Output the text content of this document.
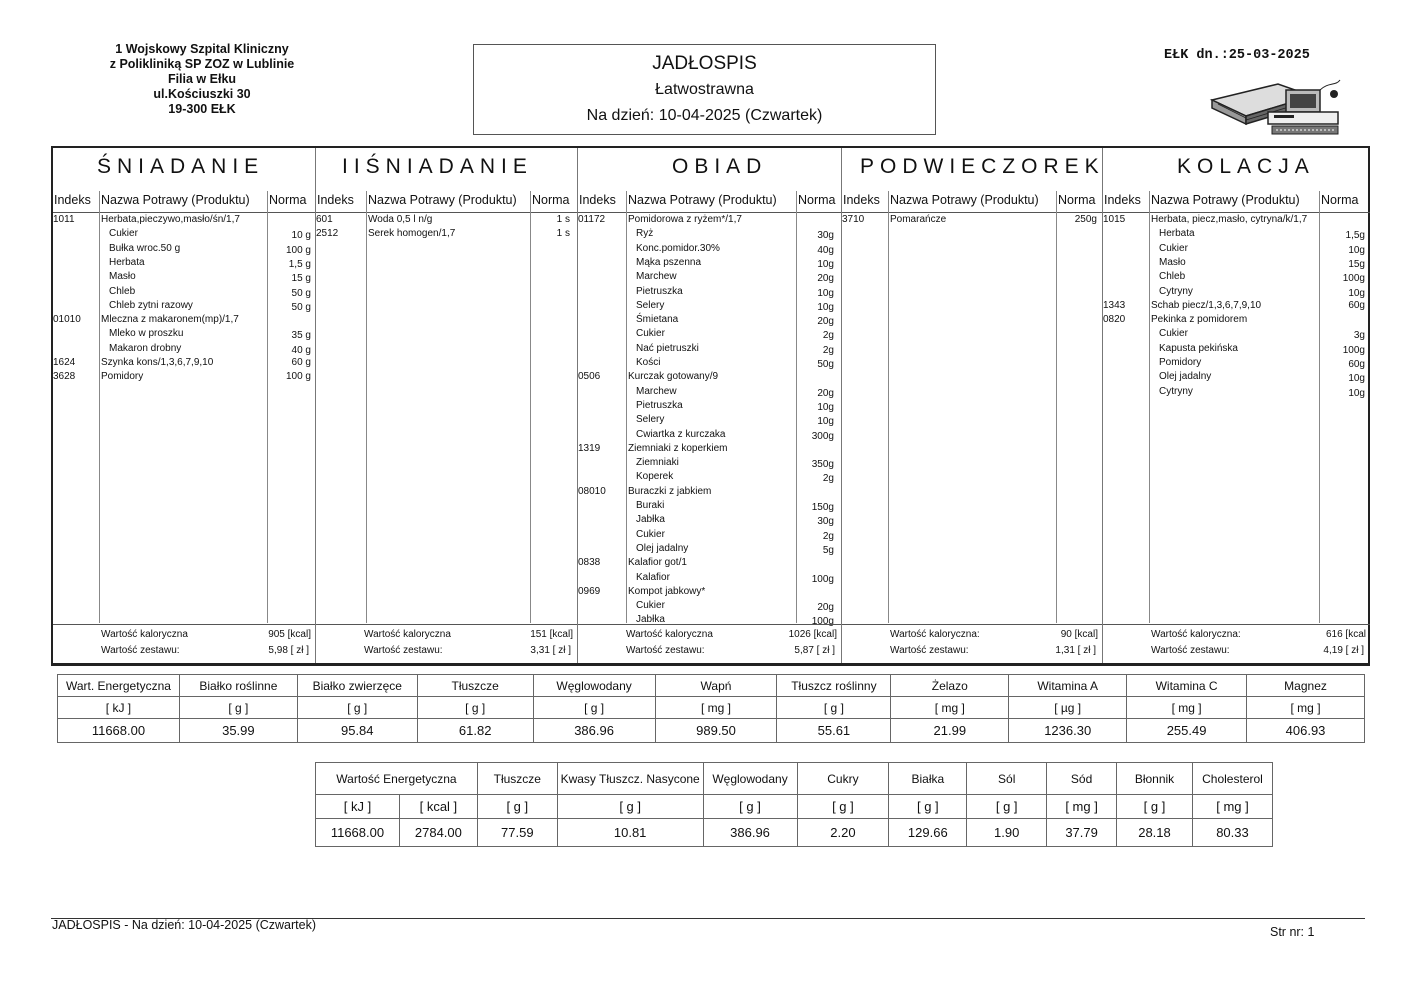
1 Wojskowy Szpital Kliniczny
z Polikliniką SP ZOZ w Lublinie
Filia w Ełku
ul.Kościuszki 30
19-300 EŁK
JADŁOSPIS
Łatwostrawna
Na dzień: 10-04-2025 (Czwartek)
EŁK dn.:25-03-2025
ŚNIADANIE
Indeks Nazwa Potrawy (Produktu) Norma
1011	Herbata,pieczywo,masło/śn/1,7
Cukier	10 g
Bułka wroc.50 g	100 g
Herbata	1,5 g
Masło	15 g
Chleb	50 g
Chleb zytni razowy	50 g
01010 Mleczna z makaronem(mp)/1,7
Mleko w proszku	35 g
Makaron drobny	40 g
1624	Szynka kons/1,3,6,7,9,10	60 g
3628	Pomidory	100 g
Wartość kaloryczna	905 [kcal]
Wartość zestawu:	5,98 [ zł ]
IIŚNIADANIE
Indeks Nazwa Potrawy (Produktu) Norma
601	Woda 0,5 l n/g	1 s
2512	Serek homogen/1,7	1 s
Wartość kaloryczna	151 [kcal]
Wartość zestawu:	3,31 [ zł ]
OBIAD
Indeks Nazwa Potrawy (Produktu) Norma
01172 Pomidorowa z ryżem*/1,7
Ryż	30g
Konc.pomidor.30%	40g
Mąka pszenna	10g
Marchew	20g
Pietruszka	10g
Selery	10g
Śmietana	20g
Cukier	2g
Nać pietruszki	2g
Kości	50g
0506	Kurczak gotowany/9
Marchew	20g
Pietruszka	10g
Selery	10g
Cwiartka z kurczaka	300g
1319	Ziemniaki z koperkiem
Ziemniaki	350g
Koperek	2g
08010 Buraczki z jabkiem
Buraki	150g
Jabłka	30g
Cukier	2g
Olej jadalny	5g
0838	Kalafior got/1
Kalafior	100g
0969	Kompot jabkowy*
Cukier	20g
Jabłka	100g
Wartość kaloryczna	1026 [kcal]
Wartość zestawu:	5,87 [ zł ]
PODWIECZOREK
Indeks Nazwa Potrawy (Produktu) Norma
3710	Pomarańcze	250g
Wartość kaloryczna:	90 [kcal]
Wartość zestawu:	1,31 [ zł ]
KOLACJA
Indeks Nazwa Potrawy (Produktu) Norma
1015	Herbata, piecz,masło, cytryna/k/1,7
Herbata	1,5g
Cukier	10g
Masło	15g
Chleb	100g
Cytryny	10g
1343	Schab piecz/1,3,6,7,9,10	60g
0820	Pekinka z pomidorem
Cukier	3g
Kapusta pekińska	100g
Pomidory	60g
Olej jadalny	10g
Cytryny	10g
Wartość kaloryczna:	616 [kcal
Wartość zestawu:	4,19 [ zł ]
Wart. Energetyczna	Białko roślinne	Białko zwierzęce	Tłuszcze	Węglowodany	Wapń	Tłuszcz roślinny	Żelazo	Witamina A	Witamina C	Magnez
[ kJ ]	[ g ]	[ g ]	[ g ]	[ g ]	[ mg ]	[ g ]	[ mg ]	[ µg ]	[ mg ]	[ mg ]
11668.00	35.99	95.84	61.82	386.96	989.50	55.61	21.99	1236.30	255.49	406.93
Wartość Energetyczna		Tłuszcze	Kwasy Tłuszcz. Nasycone	Węglowodany	Cukry	Białka	Sól	Sód	Błonnik	Cholesterol
[ kJ ]	[ kcal ]	[ g ]	[ g ]	[ g ]	[ g ]	[ g ]	[ g ]	[ mg ]	[ g ]	[ mg ]
11668.00	2784.00	77.59	10.81	386.96	2.20	129.66	1.90	37.79	28.18	80.33
JADŁOSPIS - Na dzień: 10-04-2025 (Czwartek)	Str nr: 1
